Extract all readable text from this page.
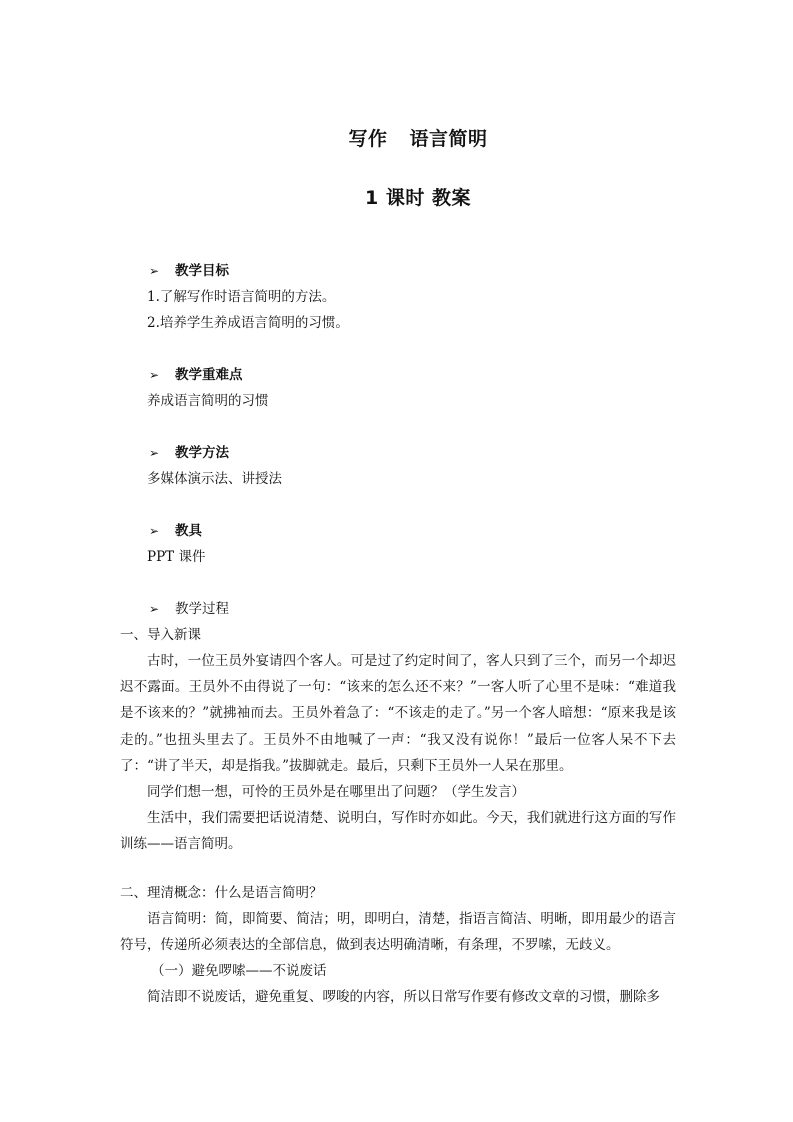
写作 语言简明
1 课时 教案

➢ 教学目标

1.了解写作时语言简明的方法。

2.培养学生养成语言简明的习惯。

➢ 教学重难点

养成语言简明的习惯

➢ 教学方法

多媒体演示法、讲授法

➢ 教具

PPT 课件

➢ 教学过程

一、导入新课

古时，一位王员外宴请四个客人。可是过了约定时间了，客人只到了三个，而另一个却迟迟不露面。王员外不由得说了一句：“该来的怎么还不来？”一客人听了心里不是味：“难道我是不该来的？”就拂袖而去。王员外着急了：“不该走的走了。”另一个客人暗想：“原来我是该走的。”也扭头里去了。王员外不由地喊了一声：“我又没有说你！”最后一位客人呆不下去了：“讲了半天，却是指我。”拔脚就走。最后，只剩下王员外一人呆在那里。

同学们想一想，可怜的王员外是在哪里出了问题？（学生发言）

生活中，我们需要把话说清楚、说明白，写作时亦如此。今天，我们就进行这方面的写作训练——语言简明。

二、理清概念：什么是语言简明？

语言简明：简，即简要、简洁；明，即明白，清楚，指语言简洁、明晰，即用最少的语言符号，传递所必须表达的全部信息，做到表达明确清晰，有条理，不罗嗦，无歧义。

（一）避免啰嗦——不说废话

简洁即不说废话，避免重复、啰唆的内容，所以日常写作要有修改文章的习惯，删除多
